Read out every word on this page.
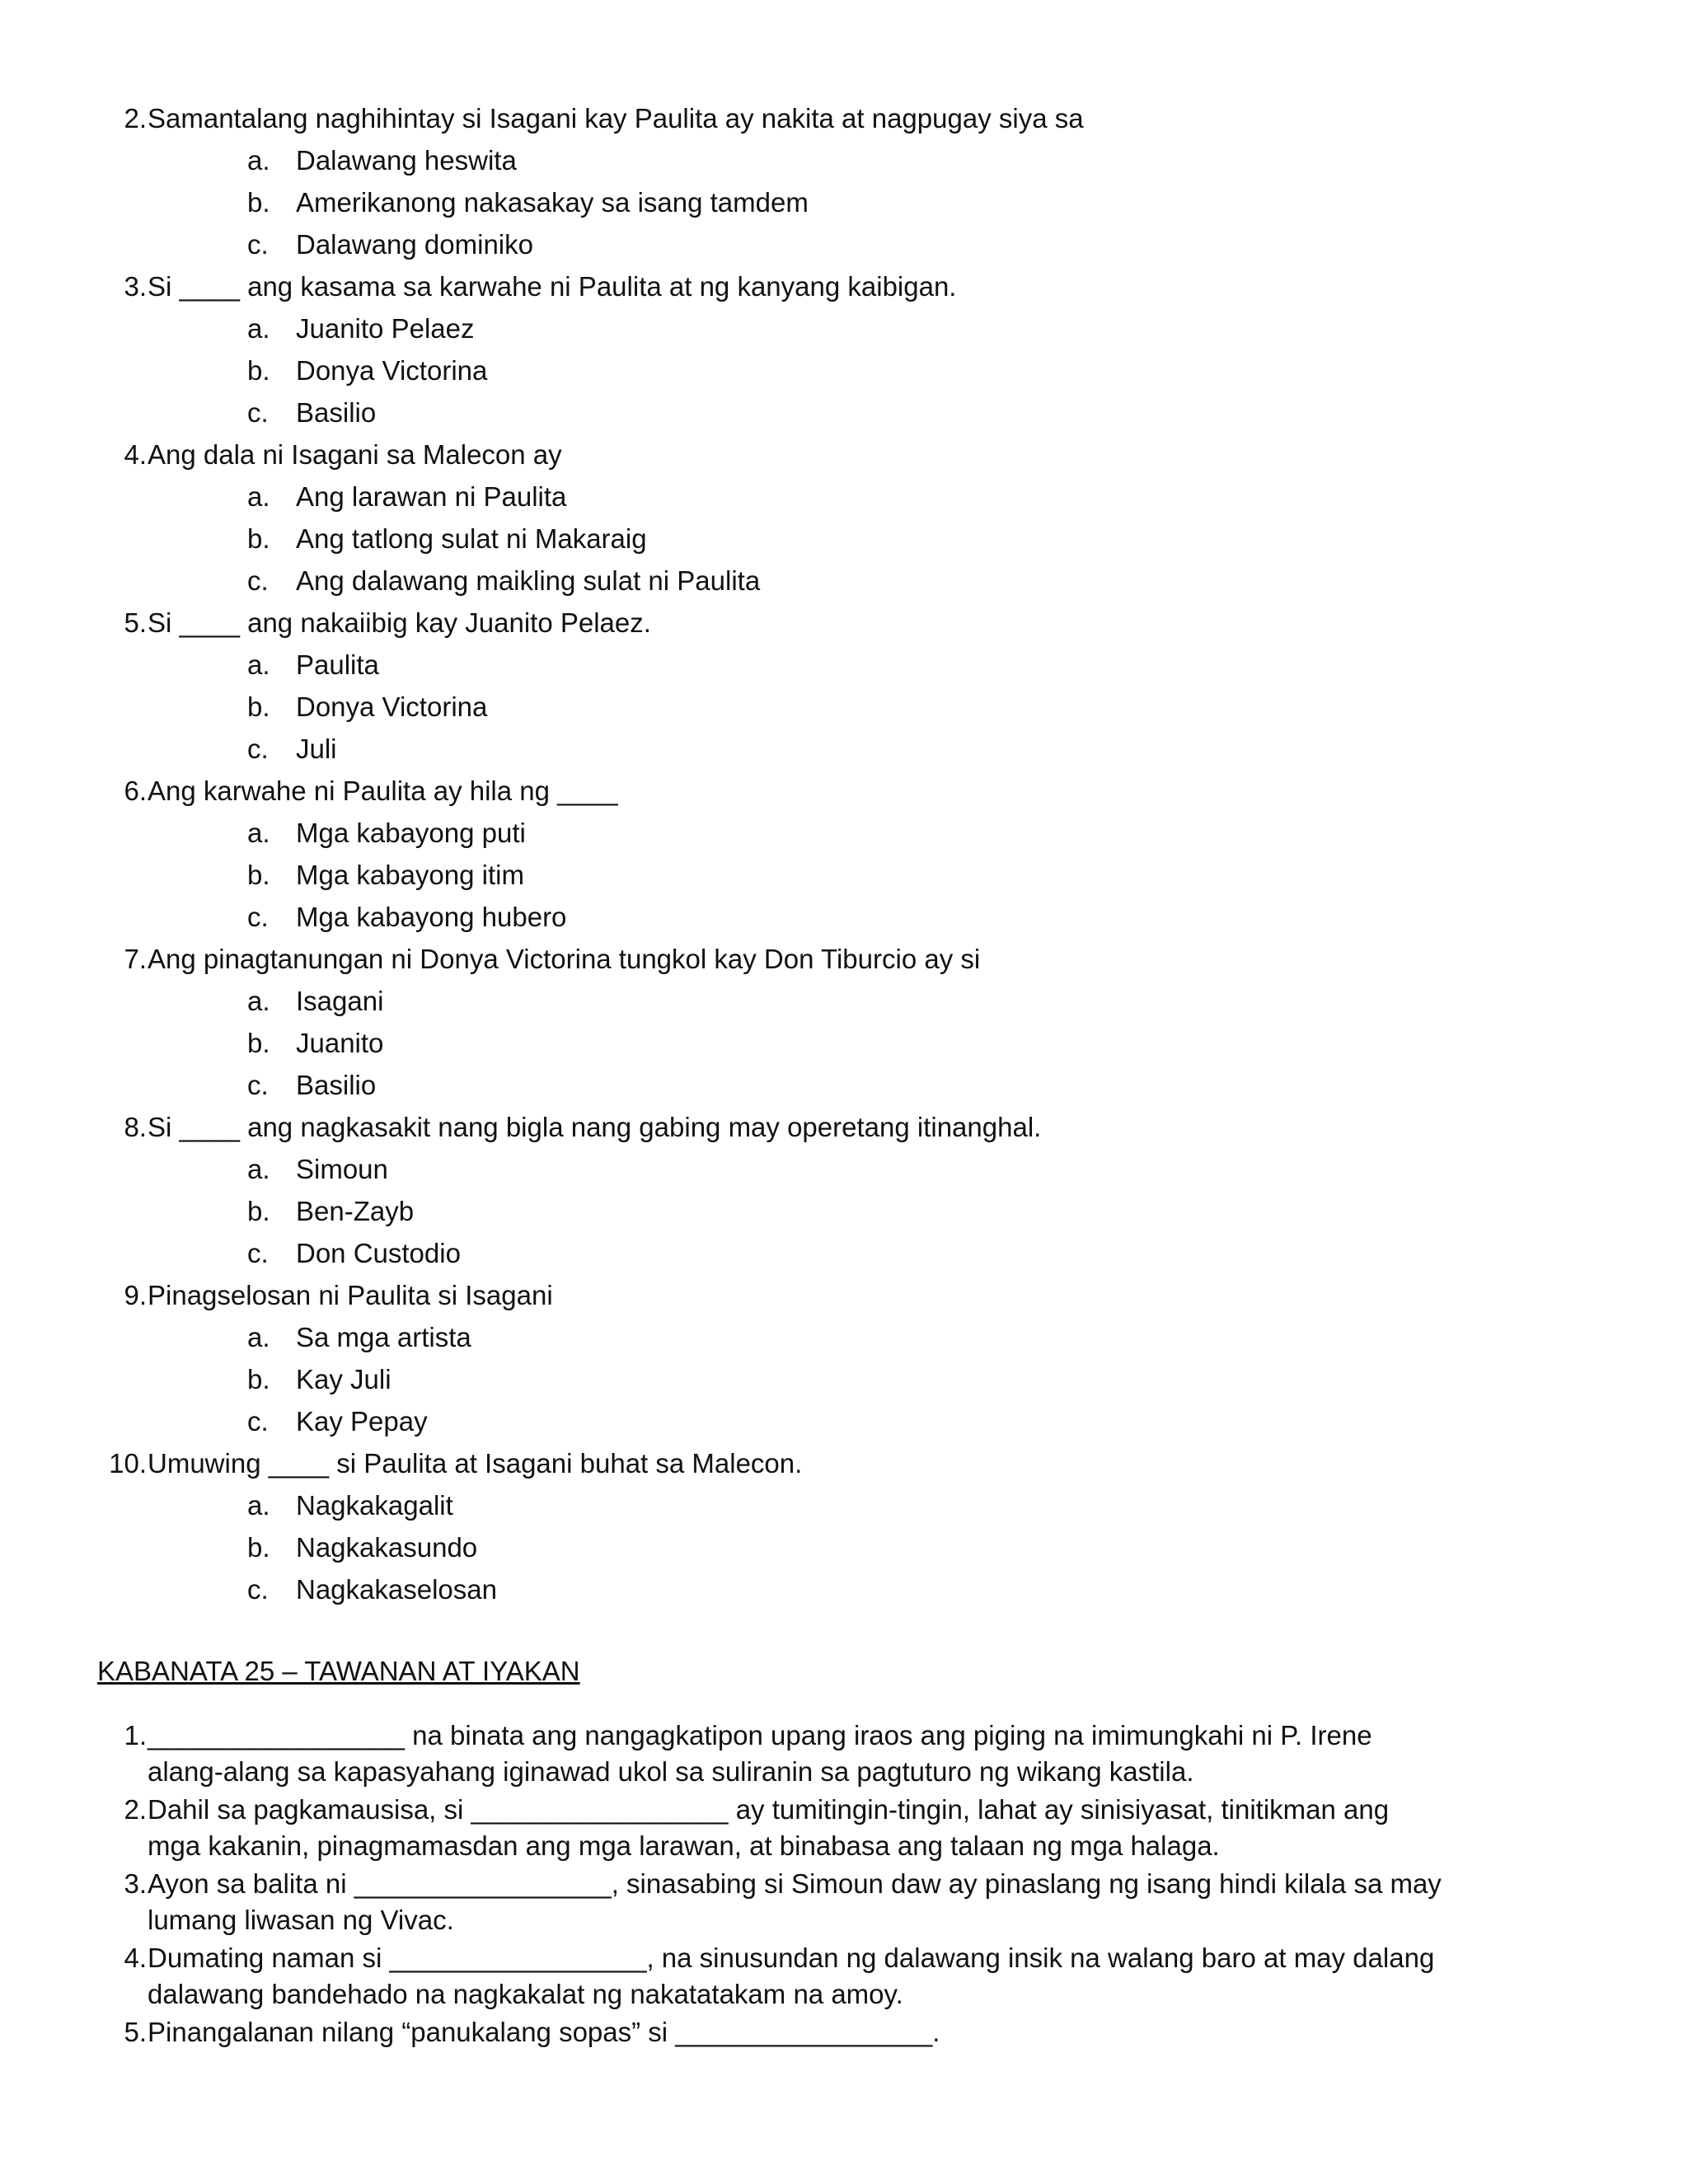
2. Samantalang naghihintay si Isagani kay Paulita ay nakita at nagpugay siya sa
a. Dalawang heswita
b. Amerikanong nakasakay sa isang tamdem
c. Dalawang dominiko
3. Si ____ ang kasama sa karwahe ni Paulita at ng kanyang kaibigan.
a. Juanito Pelaez
b. Donya Victorina
c. Basilio
4. Ang dala ni Isagani sa Malecon ay
a. Ang larawan ni Paulita
b. Ang tatlong sulat ni Makaraig
c. Ang dalawang maikling sulat ni Paulita
5. Si ____ ang nakaiibig kay Juanito Pelaez.
a. Paulita
b. Donya Victorina
c. Juli
6. Ang karwahe ni Paulita ay hila ng ____
a. Mga kabayong puti
b. Mga kabayong itim
c. Mga kabayong hubero
7. Ang pinagtanungan ni Donya Victorina tungkol kay Don Tiburcio ay si
a. Isagani
b. Juanito
c. Basilio
8. Si ____ ang nagkasakit nang bigla nang gabing may operetang itinanghal.
a. Simoun
b. Ben-Zayb
c. Don Custodio
9. Pinagselosan ni Paulita si Isagani
a. Sa mga artista
b. Kay Juli
c. Kay Pepay
10. Umuwing ____ si Paulita at Isagani buhat sa Malecon.
a. Nagkakagalit
b. Nagkakasundo
c. Nagkakaselosan
KABANATA 25 – TAWANAN AT IYAKAN
1. _________________ na binata ang nangagkatipon upang iraos ang piging na imimungkahi ni P. Irene
alang-alang sa kapasyahang iginawad ukol sa suliranin sa pagtuturo ng wikang kastila.
2. Dahil sa pagkamausisa, si _________________ ay tumitingin-tingin, lahat ay sinisiyasat, tinitikman ang
mga kakanin, pinagmamasdan ang mga larawan, at binabasa ang talaan ng mga halaga.
3. Ayon sa balita ni _________________, sinasabing si Simoun daw ay pinaslang ng isang hindi kilala sa may
lumang liwasan ng Vivac.
4. Dumating naman si _________________, na sinusundan ng dalawang insik na walang baro at may dalang
dalawang bandehado na nagkakalat ng nakatatakam na amoy.
5. Pinangalanan nilang “panukalang sopas” si _________________.
